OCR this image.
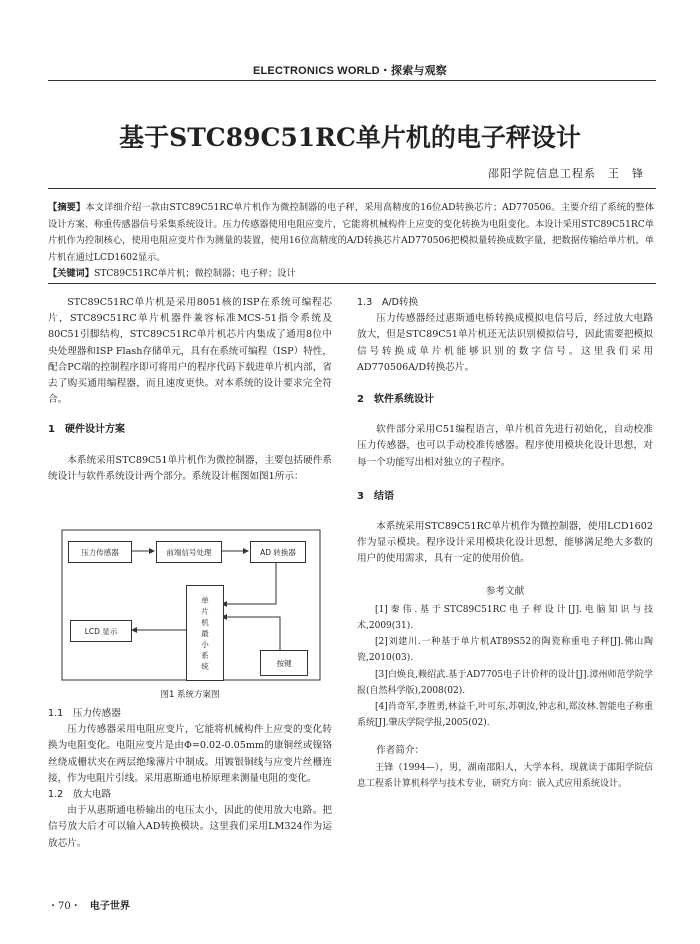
ELECTRONICS WORLD・探索与观察
基于STC89C51RC单片机的电子秤设计
邵阳学院信息工程系　王　锋

【摘要】本文详细介绍一款由STC89C51RC单片机作为微控制器的电子秤，采用高精度的16位AD转换芯片；AD770506。主要介绍了系统的整体设计方案、称重传感器信号采集系统设计。压力传感器使用电阻应变片，它能将机械构件上应变的变化转换为电阻变化。本设计采用STC89C51RC单片机作为控制核心，使用电阻应变片作为测量的装置，使用16位高精度的A/D转换芯片AD770506把模拟量转换成数字量，把数据传输给单片机，单片机在通过LCD1602显示。

【关键词】STC89C51RC单片机；微控制器；电子秤；设计

STC89C51RC单片机是采用8051核的ISP在系统可编程芯片，STC89C51RC单片机器件兼容标准MCS-51指令系统及80C51引脚结构，STC89C51RC单片机芯片内集成了通用8位中央处理器和ISP Flash存储单元，具有在系统可编程（ISP）特性，配合PC端的控制程序即可将用户的程序代码下载进单片机内部，省去了购买通用编程器，而且速度更快。对本系统的设计要求完全符合。

1　硬件设计方案

本系统采用STC89C51单片机作为微控制器，主要包括硬件系统设计与软件系统设计两个部分。系统设计框图如图1所示：

压力传感器	前端信号处理	AD 转换器
单
片
机
最
小
系
统
LCD 显示
按键
图1 系统方案图
1.1　压力传感器

压力传感器采用电阻应变片，它能将机械构件上应变的变化转换为电阻变化。电阻应变片是由Φ=0.02-0.05mm的康铜丝或镍铬丝绕成栅状夹在两层绝缘薄片中制成。用镀银铜线与应变片丝栅连接，作为电阻片引线。采用惠斯通电桥原理来测量电阻的变化。

1.2　放大电路

由于从惠斯通电桥输出的电压太小，因此的使用放大电路。把信号放大后才可以输入AD转换模块。这里我们采用LM324作为运放芯片。

1.3　A/D转换

压力传感器经过惠斯通电桥转换成模拟电信号后，经过放大电路放大，但是STC89C51单片机还无法识别模拟信号，因此需要把模拟信号转换成单片机能够识别的数字信号。这里我们采用AD770506A/D转换芯片。

2　软件系统设计

软件部分采用C51编程语言，单片机首先进行初始化，自动校准压力传感器，也可以手动校准传感器。程序使用模块化设计思想，对每一个功能写出相对独立的子程序。

3　结语

本系统采用STC89C51RC单片机作为微控制器，使用LCD1602作为显示模块。程序设计采用模块化设计思想，能够满足绝大多数的用户的使用需求，具有一定的使用价值。

参考文献

[1]秦伟.基于STC89C51RC电子秤设计[J].电脑知识与技术,2009(31).

[2]刘建川.一种基于单片机AT89S52的陶瓷称重电子秤[J].佛山陶瓷,2010(03).

[3]白焕良,赖绍武.基于AD7705电子计价秤的设计[J].漳州师范学院学报(自然科学版),2008(02).

[4]肖奇军,李胜勇,林益千,叶可东,苏朝汝,钟志和,郑汝林.智能电子称重系统[J].肇庆学院学报,2005(02).

作者简介：

王锋（1994—），男，湖南邵阳人，大学本科，现就读于邵阳学院信息工程系计算机科学与技术专业，研究方向：嵌入式应用系统设计。

・70・ 电子世界
